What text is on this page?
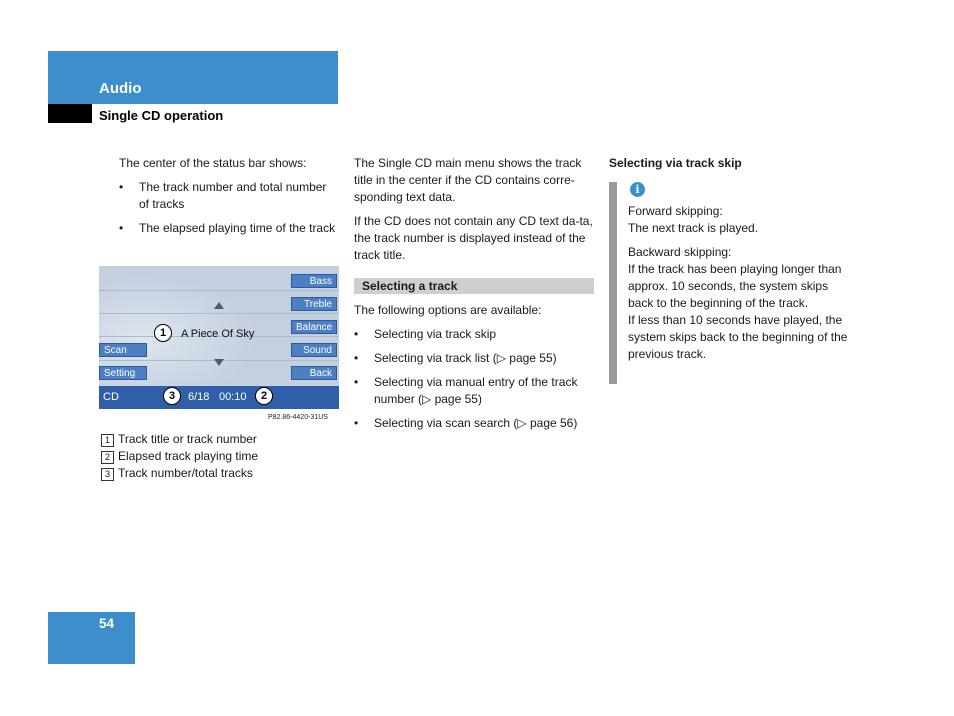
Audio
Single CD operation

The center of the status bar shows:

• The track number and total number of tracks
• The elapsed playing time of the track
Bass
Treble
Balance
Sound
Back
Scan
Setting
1	A Piece Of Sky
CD	6/18 00:10
3	2
P82.86-4420-31US
1 Track title or track number
2 Elapsed track playing time
3 Track number/total tracks

The Single CD main menu shows the track title in the center if the CD contains corre-sponding text data.

If the CD does not contain any CD text da-ta, the track number is displayed instead of the track title.

Selecting a track

The following options are available:

• Selecting via track skip
• Selecting via track list (▷ page 55)
• Selecting via manual entry of the track number (▷ page 55)
• Selecting via scan search (▷ page 56)
Selecting via track skip
i

Forward skipping:
The next track is played.

Backward skipping:
If the track has been playing longer than approx. 10 seconds, the system skips back to the beginning of the track.
If less than 10 seconds have played, the system skips back to the beginning of the previous track.

54
